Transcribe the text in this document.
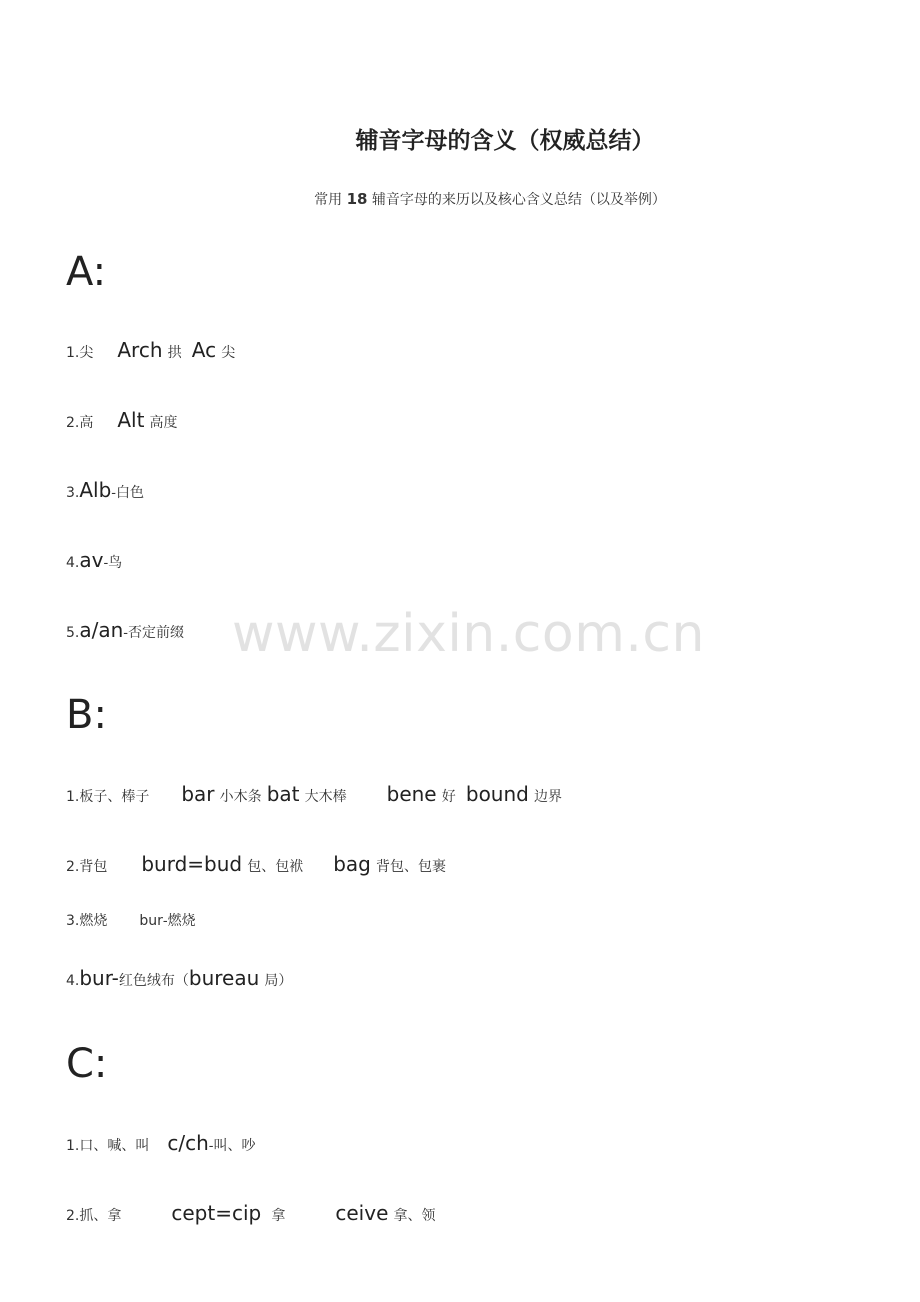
辅音字母的含义（权威总结）
常用 18 辅音字母的来历以及核心含义总结（以及举例）
A:
1.尖 Arch 拱 Ac 尖
2.高 Alt 高度
3.Alb-白色
4.av-鸟
5.a/an-否定前缀 www.zixin.com.cn
B:
1.板子、棒子 bar 小木条 bat 大木棒 bene 好 bound 边界
2.背包 burd=bud 包、包袱 bag 背包、包裹
3.燃烧 bur-燃烧
4.bur-红色绒布（bureau 局）
C:
1.口、喊、叫 c/ch-叫、吵
2.抓、拿	cept=cip 拿	ceive 拿、领
